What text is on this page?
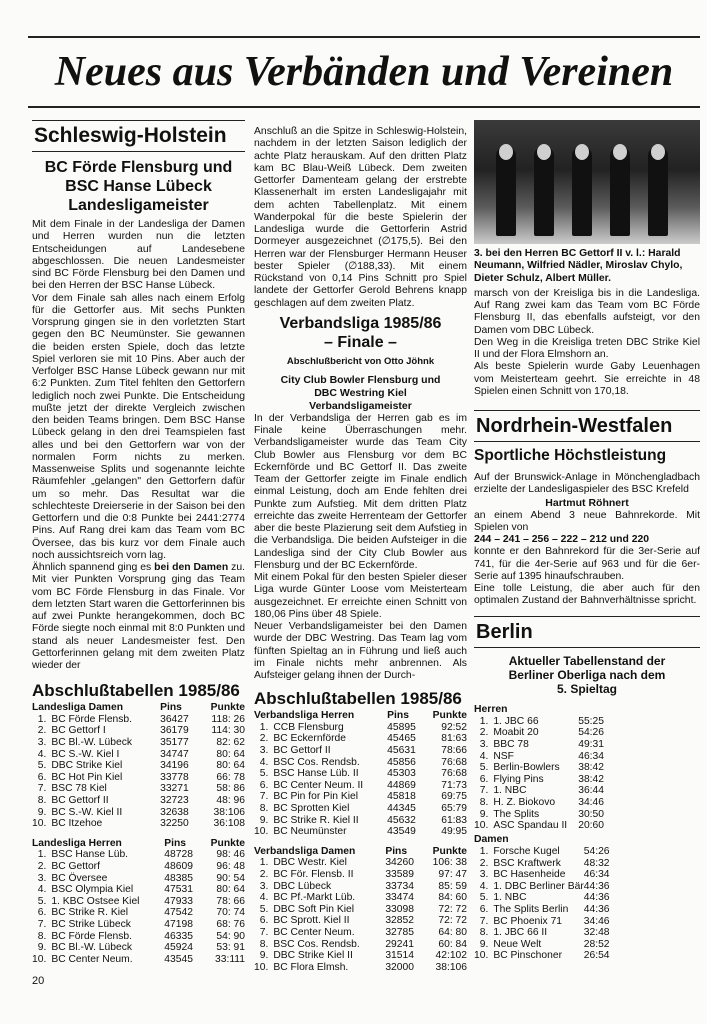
Neues aus Verbänden und Vereinen
Schleswig-Holstein
BC Förde Flensburg und BSC Hanse Lübeck Landesligameister

Mit dem Finale in der Landesliga der Damen und Herren wurden nun die letzten Entscheidungen auf Landesebene abgeschlossen. Die neuen Landesmeister sind BC Förde Flensburg bei den Damen und bei den Herren der BSC Hanse Lübeck.

Vor dem Finale sah alles nach einem Erfolg für die Gettorfer aus. Mit sechs Punkten Vorsprung gingen sie in den vorletzten Start gegen den BC Neumünster. Sie gewannen die beiden ersten Spiele, doch das letzte Spiel verloren sie mit 10 Pins. Aber auch der Verfolger BSC Hanse Lübeck gewann nur mit 6:2 Punkten. Zum Titel fehlten den Gettorfern lediglich noch zwei Punkte. Die Entscheidung mußte jetzt der direkte Vergleich zwischen den beiden Teams bringen. Dem BSC Hanse Lübeck gelang in den drei Teamspielen fast alles und bei den Gettorfern war von der normalen Form nichts zu merken. Massenweise Splits und sogenannte leichte Räumfehler „gelangen" den Gettorfern dafür um so mehr. Das Resultat war die schlechteste Dreierserie in der Saison bei den Gettorfern und die 0:8 Punkte bei 2441:2774 Pins. Auf Rang drei kam das Team vom BC Översee, das bis kurz vor dem Finale auch noch aussichtsreich vorn lag.

Ähnlich spannend ging es bei den Damen zu. Mit vier Punkten Vorsprung ging das Team vom BC Förde Flensburg in das Finale. Vor dem letzten Start waren die Gettorferinnen bis auf zwei Punkte herangekommen, doch BC Förde siegte noch einmal mit 8:0 Punkten und stand als neuer Landesmeister fest. Den Gettorferinnen gelang mit dem zweiten Platz wieder der

Abschlußtabellen 1985/86
Landesliga Damen		Pins	Punkte
1.	BC Förde Flensb.	36427	118: 26
2.	BC Gettorf I	36179	114: 30
3.	BC Bl.-W. Lübeck	35177	82: 62
4.	BC S.-W. Kiel I	34747	80: 64
5.	DBC Strike Kiel	34196	80: 64
6.	BC Hot Pin Kiel	33778	66: 78
7.	BSC 78 Kiel	33271	58: 86
8.	BC Gettorf II	32723	48: 96
9.	BC S.-W. Kiel II	32638	38:106
10.	BC Itzehoe	32250	36:108
Landesliga Herren		Pins	Punkte
1.	BSC Hanse Lüb.	48728	98: 46
2.	BC Gettorf	48609	96: 48
3.	BC Översee	48385	90: 54
4.	BSC Olympia Kiel	47531	80: 64
5.	1. KBC Ostsee Kiel	47933	78: 66
6.	BC Strike R. Kiel	47542	70: 74
7.	BC Strike Lübeck	47198	68: 76
8.	BC Förde Flensb.	46335	54: 90
9.	BC Bl.-W. Lübeck	45924	53: 91
10.	BC Center Neum.	43545	33:111
20

Anschluß an die Spitze in Schleswig-Holstein, nachdem in der letzten Saison lediglich der achte Platz herauskam. Auf den dritten Platz kam BC Blau-Weiß Lübeck. Dem zweiten Gettorfer Damenteam gelang der erstrebte Klassenerhalt im ersten Landesligajahr mit dem achten Tabellenplatz. Mit einem Wanderpokal für die beste Spielerin der Landesliga wurde die Gettorferin Astrid Dormeyer ausgezeichnet (∅175,5). Bei den Herren war der Flensburger Hermann Heuser bester Spieler (∅188,33). Mit einem Rückstand von 0,14 Pins Schnitt pro Spiel landete der Gettorfer Gerold Behrens knapp geschlagen auf dem zweiten Platz.

Verbandsliga 1985/86
– Finale –
Abschlußbericht von Otto Jöhnk
City Club Bowler Flensburg und DBC Westring Kiel Verbandsligameister

In der Verbandsliga der Herren gab es im Finale keine Überraschungen mehr. Verbandsligameister wurde das Team City Club Bowler aus Flensburg vor dem BC Eckernförde und BC Gettorf II. Das zweite Team der Gettorfer zeigte im Finale endlich einmal Leistung, doch am Ende fehlten drei Punkte zum Aufstieg. Mit dem dritten Platz erreichte das zweite Herrenteam der Gettorfer aber die beste Plazierung seit dem Aufstieg in die Verbandsliga. Die beiden Aufsteiger in die Landesliga sind der City Club Bowler aus Flensburg und der BC Eckernförde.

Mit einem Pokal für den besten Spieler dieser Liga wurde Günter Loose vom Meisterteam ausgezeichnet. Er erreichte einen Schnitt von 180,06 Pins über 48 Spiele.

Neuer Verbandsligameister bei den Damen wurde der DBC Westring. Das Team lag vom fünften Spieltag an in Führung und ließ auch im Finale nichts mehr anbrennen. Als Aufsteiger gelang ihnen der Durch-

Abschlußtabellen 1985/86
Verbandsliga Herren		Pins	Punkte
1.	CCB Flensburg	45895	92:52
2.	BC Eckernförde	45465	81:63
3.	BC Gettorf II	45631	78:66
4.	BSC Cos. Rendsb.	45856	76:68
5.	BSC Hanse Lüb. II	45303	76:68
6.	BC Center Neum. II	44869	71:73
7.	BC Pin for Pin Kiel	45818	69:75
8.	BC Sprotten Kiel	44345	65:79
9.	BC Strike R. Kiel II	45632	61:83
10.	BC Neumünster	43549	49:95
Verbandsliga Damen		Pins	Punkte
1.	DBC Westr. Kiel	34260	106: 38
2.	BC För. Flensb. II	33589	97: 47
3.	DBC Lübeck	33734	85: 59
4.	BC Pf.-Markt Lüb.	33474	84: 60
5.	DBC Soft Pin Kiel	33098	72: 72
6.	BC Sprott. Kiel II	32852	72: 72
7.	BC Center Neum.	32785	64: 80
8.	BSC Cos. Rendsb.	29241	60: 84
9.	DBC Strike Kiel II	31514	42:102
10.	BC Flora Elmsh.	32000	38:106
3. bei den Herren BC Gettorf II v. l.: Harald Neumann, Wilfried Nädler, Miroslav Chylo, Dieter Schulz, Albert Müller.

marsch von der Kreisliga bis in die Landesliga. Auf Rang zwei kam das Team vom BC Förde Flensburg II, das ebenfalls aufsteigt, vor den Damen vom DBC Lübeck.

Den Weg in die Kreisliga treten DBC Strike Kiel II und der Flora Elmshorn an.

Als beste Spielerin wurde Gaby Leuenhagen vom Meisterteam geehrt. Sie erreichte in 48 Spielen einen Schnitt von 170,18.

Nordrhein-Westfalen
Sportliche Höchstleistung

Auf der Brunswick-Anlage in Mönchengladbach erzielte der Landesligaspieler des BSC Krefeld

Hartmut Röhnert

an einem Abend 3 neue Bahnrekorde. Mit Spielen von

244 – 241 – 256 – 222 – 212 und 220

konnte er den Bahnrekord für die 3er-Serie auf 741, für die 4er-Serie auf 963 und für die 6er-Serie auf 1395 hinaufschrauben.

Eine tolle Leistung, die aber auch für den optimalen Zustand der Bahnverhältnisse spricht.

Berlin
Aktueller Tabellenstand der Berliner Oberliga nach dem 5. Spieltag
Herren
1.	1. JBC 66	55:25
2.	Moabit 20	54:26
3.	BBC 78	49:31
4.	NSF	46:34
5.	Berlin-Bowlers	38:42
6.	Flying Pins	38:42
7.	1. NBC	36:44
8.	H. Z. Biokovo	34:46
9.	The Splits	30:50
10.	ASC Spandau II	20:60
Damen
1.	Forsche Kugel	54:26
2.	BSC Kraftwerk	48:32
3.	BC Hasenheide	46:34
4.	1. DBC Berliner Bär	44:36
5.	1. NBC	44:36
6.	The Splits Berlin	44:36
7.	BC Phoenix 71	34:46
8.	1. JBC 66 II	32:48
9.	Neue Welt	28:52
10.	BC Pinschoner	26:54
